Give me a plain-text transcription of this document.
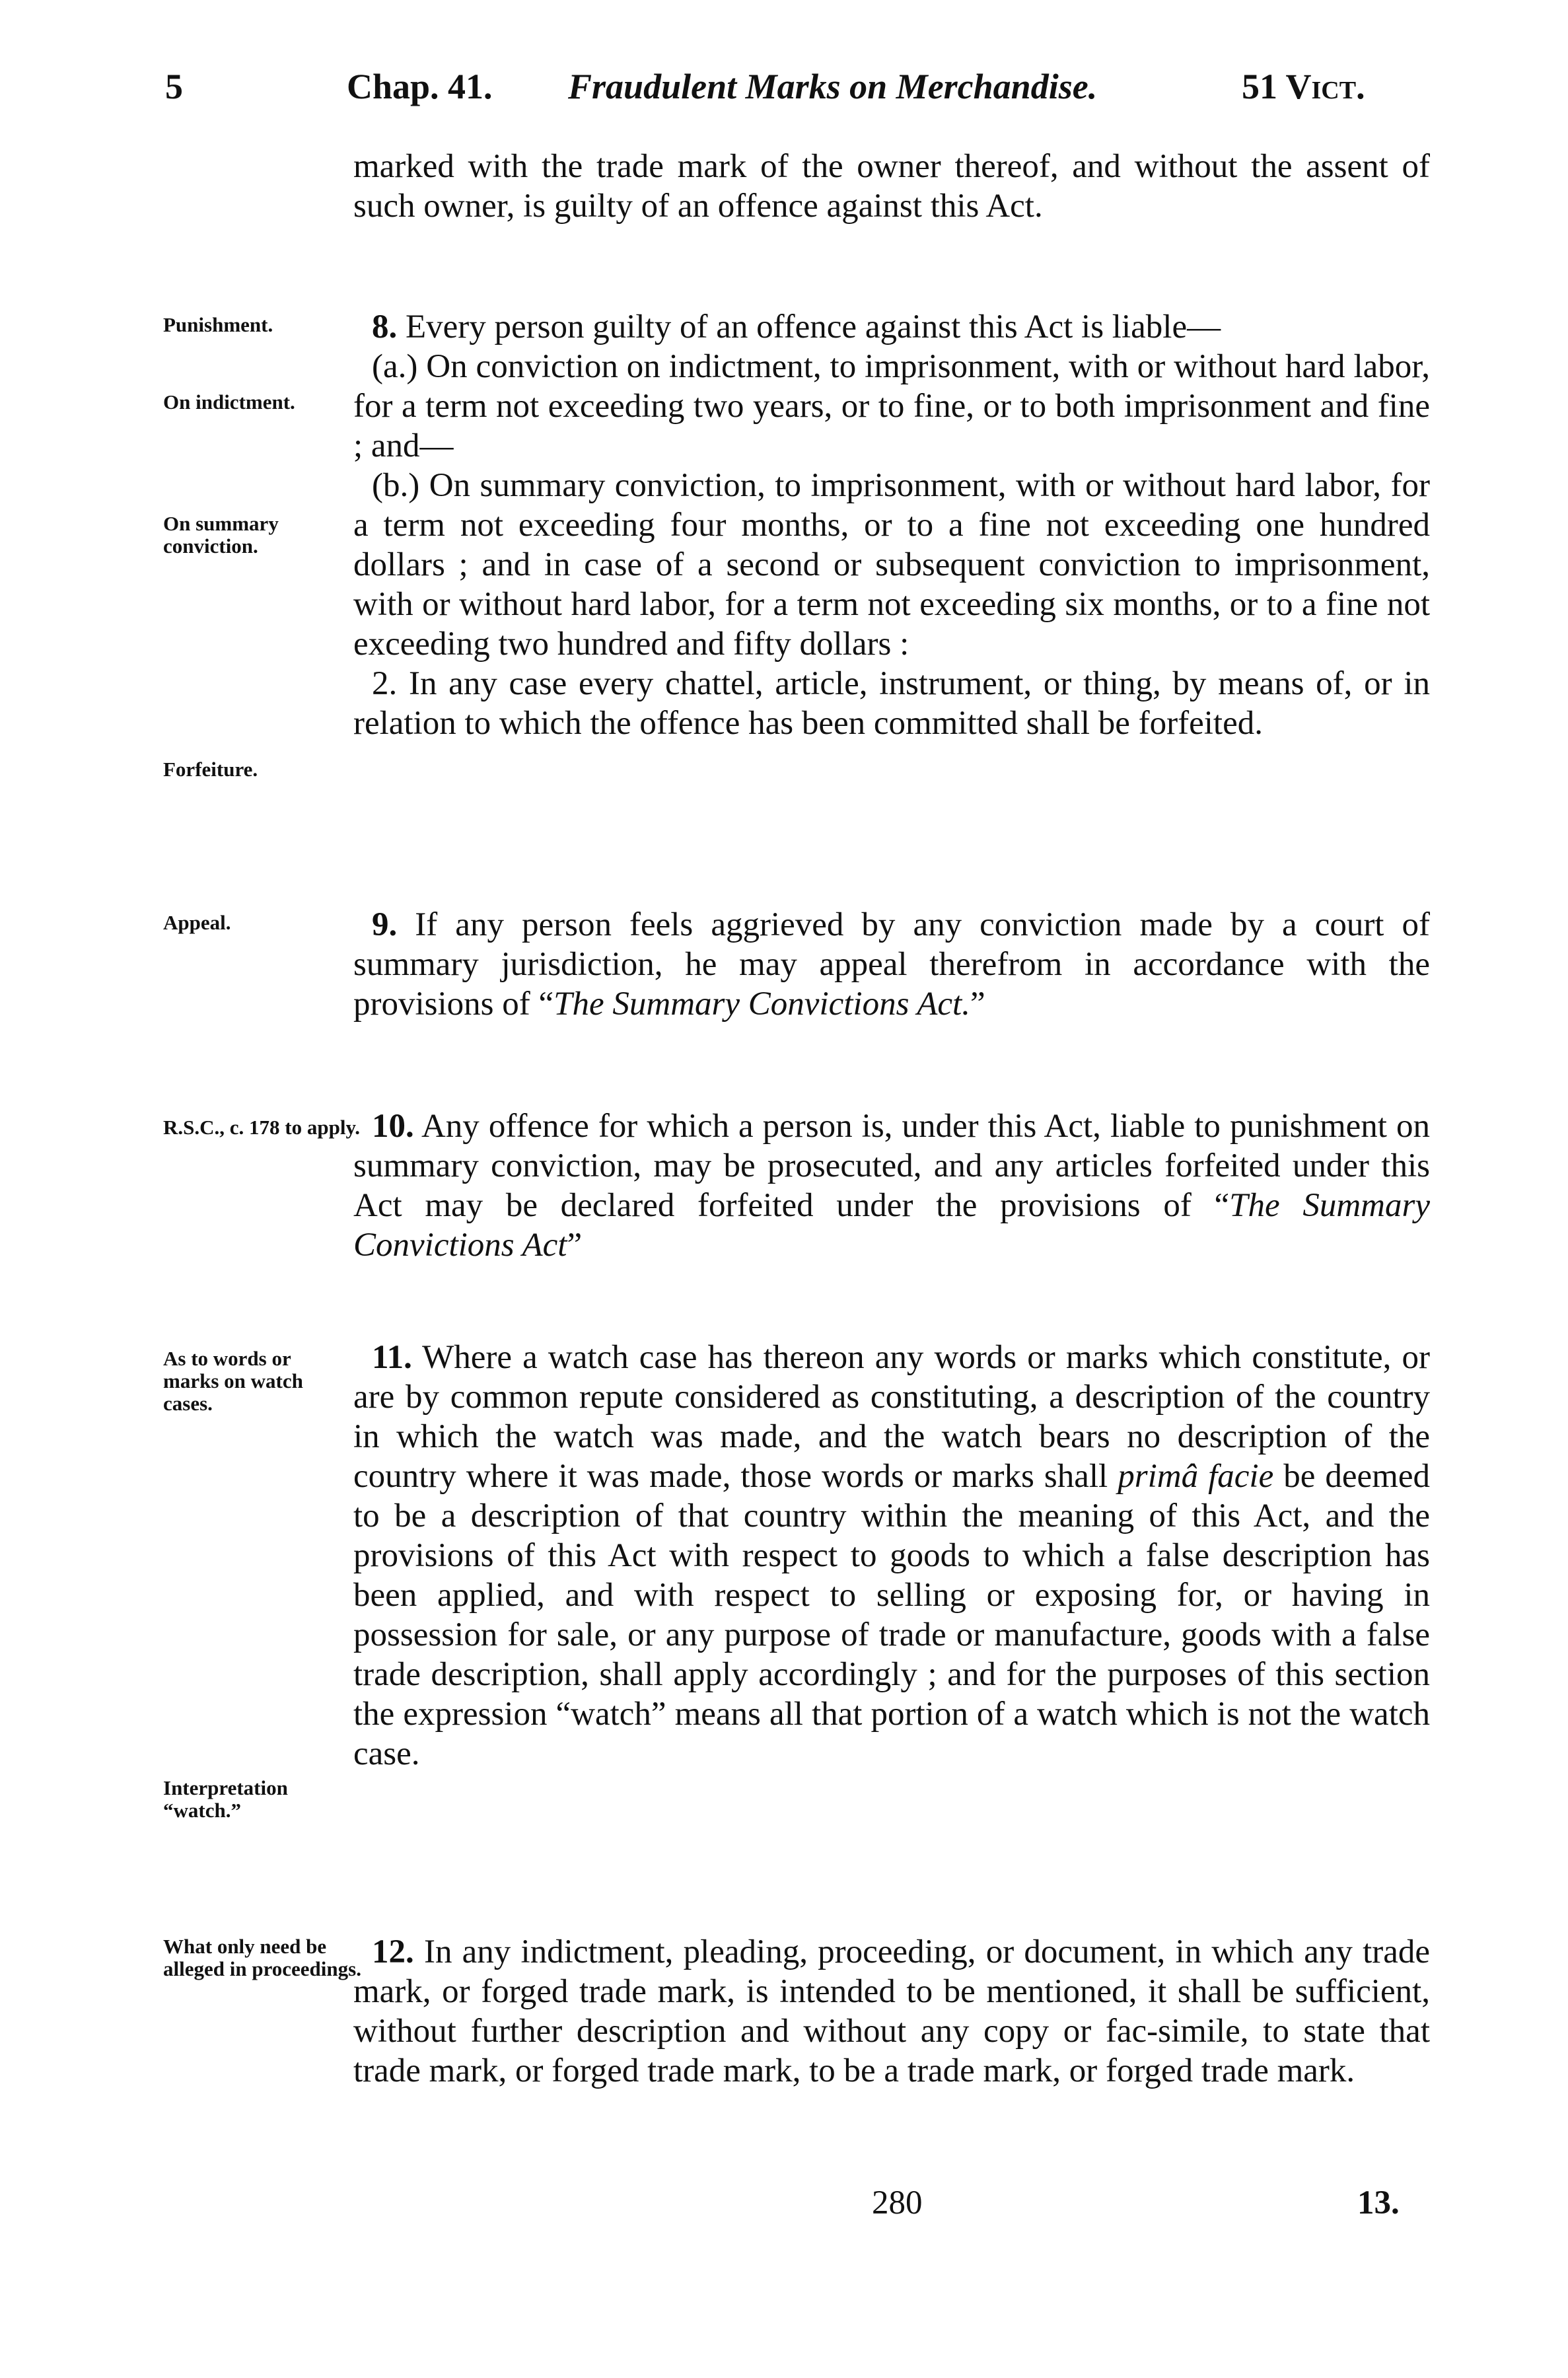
5	Chap. 41. Fraudulent Marks on Merchandise.	51 Vict.
Punishment.
On indictment.
On summary conviction.
Forfeiture.
Appeal.
R.S.C., c. 178 to apply.
As to words or marks on watch cases.
Interpretation “watch.”
What only need be alleged in proceedings.

marked with the trade mark of the owner thereof, and without the assent of such owner, is guilty of an offence against this Act.

8. Every person guilty of an offence against this Act is liable—

(a.) On conviction on indictment, to imprisonment, with or without hard labor, for a term not exceeding two years, or to fine, or to both imprisonment and fine ; and—

(b.) On summary conviction, to imprisonment, with or without hard labor, for a term not exceeding four months, or to a fine not exceeding one hundred dollars ; and in case of a second or subsequent conviction to imprisonment, with or without hard labor, for a term not exceeding six months, or to a fine not exceeding two hundred and fifty dollars :

2. In any case every chattel, article, instrument, or thing, by means of, or in relation to which the offence has been committed shall be forfeited.

9. If any person feels aggrieved by any conviction made by a court of summary jurisdiction, he may appeal therefrom in accordance with the provisions of “The Summary Convictions Act.”

10. Any offence for which a person is, under this Act, liable to punishment on summary conviction, may be prosecuted, and any articles forfeited under this Act may be declared forfeited under the provisions of “The Summary Convictions Act”

11. Where a watch case has thereon any words or marks which constitute, or are by common repute considered as constituting, a description of the country in which the watch was made, and the watch bears no description of the country where it was made, those words or marks shall primâ facie be deemed to be a description of that country within the meaning of this Act, and the provisions of this Act with respect to goods to which a false description has been applied, and with respect to selling or exposing for, or having in possession for sale, or any purpose of trade or manufacture, goods with a false trade description, shall apply accordingly ; and for the purposes of this section the expression “watch” means all that portion of a watch which is not the watch case.

12. In any indictment, pleading, proceeding, or document, in which any trade mark, or forged trade mark, is intended to be mentioned, it shall be sufficient, without further description and without any copy or fac-simile, to state that trade mark, or forged trade mark, to be a trade mark, or forged trade mark.

280	13.
